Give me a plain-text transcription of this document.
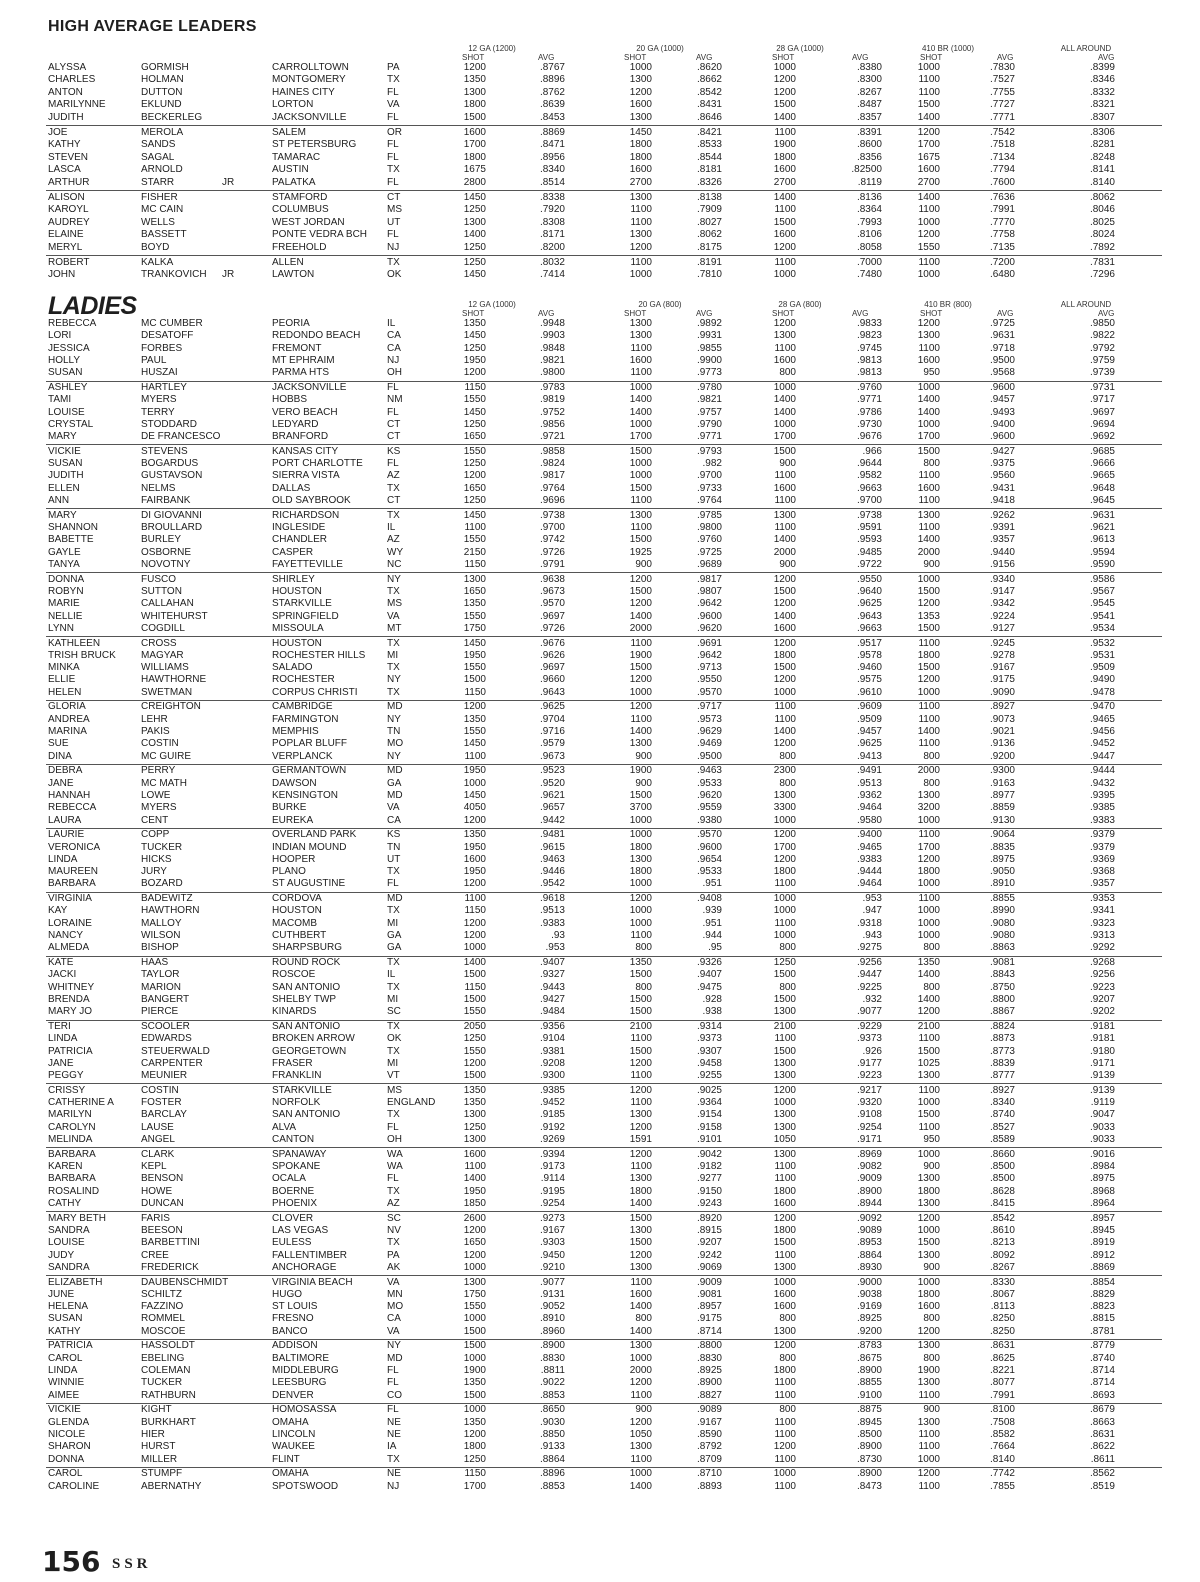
HIGH AVERAGE LEADERS
LADIES
12 GA (1200)	20 GA (1000)	28 GA (1000)	410 BR (1000)	ALL AROUND
SHOT	AVG	SHOT	AVG	SHOT	AVG	SHOT	AVG	AVG
ALYSSA	GORMISH	CARROLLTOWN	PA	1200	.8767	1000	.8620	1000	.8380	1000	.7830	.8399
CHARLES	HOLMAN	MONTGOMERY	TX	1350	.8896	1300	.8662	1200	.8300	1100	.7527	.8346
ANTON	DUTTON	HAINES CITY	FL	1300	.8762	1200	.8542	1200	.8267	1100	.7755	.8332
MARILYNNE	EKLUND	LORTON	VA	1800	.8639	1600	.8431	1500	.8487	1500	.7727	.8321
JUDITH	BECKERLEG	JACKSONVILLE	FL	1500	.8453	1300	.8646	1400	.8357	1400	.7771	.8307
JOE	MEROLA	SALEM	OR	1600	.8869	1450	.8421	1100	.8391	1200	.7542	.8306
KATHY	SANDS	ST PETERSBURG	FL	1700	.8471	1800	.8533	1900	.8600	1700	.7518	.8281
STEVEN	SAGAL	TAMARAC	FL	1800	.8956	1800	.8544	1800	.8356	1675	.7134	.8248
LASCA	ARNOLD	AUSTIN	TX	1675	.8340	1600	.8181	1600	.82500	1600	.7794	.8141
ARTHUR	STARR	JR	PALATKA	FL	2800	.8514	2700	.8326	2700	.8119	2700	.7600	.8140
ALISON	FISHER	STAMFORD	CT	1450	.8338	1300	.8138	1400	.8136	1400	.7636	.8062
KAROYL	MC CAIN	COLUMBUS	MS	1250	.7920	1100	.7909	1100	.8364	1100	.7991	.8046
AUDREY	WELLS	WEST JORDAN	UT	1300	.8308	1100	.8027	1500	.7993	1000	.7770	.8025
ELAINE	BASSETT	PONTE VEDRA BCH FL	1400	.8171	1300	.8062	1600	.8106	1200	.7758	.8024
MERYL	BOYD	FREEHOLD	NJ	1250	.8200	1200	.8175	1200	.8058	1550	.7135	.7892
ROBERT	KALKA	ALLEN	TX	1250	.8032	1100	.8191	1100	.7000	1100	.7200	.7831
JOHN	TRANKOVICH JR	LAWTON	OK	1450	.7414	1000	.7810	1000	.7480	1000	.6480	.7296
12 GA (1000)	20 GA (800)	28 GA (800)	410 BR (800)	ALL AROUND
SHOT	AVG	SHOT	AVG	SHOT	AVG	SHOT	AVG	AVG
REBECCA	MC CUMBER	PEORIA	IL	1350	.9948	1300	.9892	1200	.9833	1200	.9725	.9850
LORI	DESATOFF	REDONDO BEACH	CA	1450	.9903	1300	.9931	1300	.9823	1300	.9631	.9822
JESSICA	FORBES	FREMONT	CA	1250	.9848	1100	.9855	1100	.9745	1100	.9718	.9792
HOLLY	PAUL	MT EPHRAIM	NJ	1950	.9821	1600	.9900	1600	.9813	1600	.9500	.9759
SUSAN	HUSZAI	PARMA HTS	OH	1200	.9800	1100	.9773	800	.9813	950	.9568	.9739
ASHLEY	HARTLEY	JACKSONVILLE	FL	1150	.9783	1000	.9780	1000	.9760	1000	.9600	.9731
TAMI	MYERS	HOBBS	NM	1550	.9819	1400	.9821	1400	.9771	1400	.9457	.9717
LOUISE	TERRY	VERO BEACH	FL	1450	.9752	1400	.9757	1400	.9786	1400	.9493	.9697
CRYSTAL	STODDARD	LEDYARD	CT	1250	.9856	1000	.9790	1000	.9730	1000	.9400	.9694
MARY	DE FRANCESCO	BRANFORD	CT	1650	.9721	1700	.9771	1700	.9676	1700	.9600	.9692
VICKIE	STEVENS	KANSAS CITY	KS	1550	.9858	1500	.9793	1500	.966	1500	.9427	.9685
SUSAN	BOGARDUS	PORT CHARLOTTE FL	1250	.9824	1000	.982	900	.9644	800	.9375	.9666
JUDITH	GUSTAVSON	SIERRA VISTA	AZ	1200	.9817	1000	.9700	1100	.9582	1100	.9560	.9665
ELLEN	NELMS	DALLAS	TX	1650	.9764	1500	.9733	1600	.9663	1600	.9431	.9648
ANN	FAIRBANK	OLD SAYBROOK	CT	1250	.9696	1100	.9764	1100	.9700	1100	.9418	.9645
MARY	DI GIOVANNI	RICHARDSON	TX	1450	.9738	1300	.9785	1300	.9738	1300	.9262	.9631
SHANNON	BROULLARD	INGLESIDE	IL	1100	.9700	1100	.9800	1100	.9591	1100	.9391	.9621
BABETTE	BURLEY	CHANDLER	AZ	1550	.9742	1500	.9760	1400	.9593	1400	.9357	.9613
GAYLE	OSBORNE	CASPER	WY	2150	.9726	1925	.9725	2000	.9485	2000	.9440	.9594
TANYA	NOVOTNY	FAYETTEVILLE	NC	1150	.9791	900	.9689	900	.9722	900	.9156	.9590
DONNA	FUSCO	SHIRLEY	NY	1300	.9638	1200	.9817	1200	.9550	1000	.9340	.9586
ROBYN	SUTTON	HOUSTON	TX	1650	.9673	1500	.9807	1500	.9640	1500	.9147	.9567
MARIE	CALLAHAN	STARKVILLE	MS	1350	.9570	1200	.9642	1200	.9625	1200	.9342	.9545
NELLIE	WHITEHURST	SPRINGFIELD	VA	1550	.9697	1400	.9600	1400	.9643	1353	.9224	.9541
LYNN	COGDILL	MISSOULA	MT	1750	.9726	2000	.9620	1600	.9663	1500	.9127	.9534
KATHLEEN	CROSS	HOUSTON	TX	1450	.9676	1100	.9691	1200	.9517	1100	.9245	.9532
TRISH BRUCK	MAGYAR	ROCHESTER HILLS MI	1950	.9626	1900	.9642	1800	.9578	1800	.9278	.9531
MINKA	WILLIAMS	SALADO	TX	1550	.9697	1500	.9713	1500	.9460	1500	.9167	.9509
ELLIE	HAWTHORNE	ROCHESTER	NY	1500	.9660	1200	.9550	1200	.9575	1200	.9175	.9490
HELEN	SWETMAN	CORPUS CHRISTI	TX	1150	.9643	1000	.9570	1000	.9610	1000	.9090	.9478
GLORIA	CREIGHTON	CAMBRIDGE	MD	1200	.9625	1200	.9717	1100	.9609	1100	.8927	.9470
ANDREA	LEHR	FARMINGTON	NY	1350	.9704	1100	.9573	1100	.9509	1100	.9073	.9465
MARINA	PAKIS	MEMPHIS	TN	1550	.9716	1400	.9629	1400	.9457	1400	.9021	.9456
SUE	COSTIN	POPLAR BLUFF	MO	1450	.9579	1300	.9469	1200	.9625	1100	.9136	.9452
DINA	MC GUIRE	VERPLANCK	NY	1100	.9673	900	.9500	800	.9413	800	.9200	.9447
DEBRA	PERRY	GERMANTOWN	MD	1950	.9523	1900	.9463	2300	.9491	2000	.9300	.9444
JANE	MC MATH	DAWSON	GA	1000	.9520	900	.9533	800	.9513	800	.9163	.9432
HANNAH	LOWE	KENSINGTON	MD	1450	.9621	1500	.9620	1300	.9362	1300	.8977	.9395
REBECCA	MYERS	BURKE	VA	4050	.9657	3700	.9559	3300	.9464	3200	.8859	.9385
LAURA	CENT	EUREKA	CA	1200	.9442	1000	.9380	1000	.9580	1000	.9130	.9383
LAURIE	COPP	OVERLAND PARK	KS	1350	.9481	1000	.9570	1200	.9400	1100	.9064	.9379
VERONICA	TUCKER	INDIAN MOUND	TN	1950	.9615	1800	.9600	1700	.9465	1700	.8835	.9379
LINDA	HICKS	HOOPER	UT	1600	.9463	1300	.9654	1200	.9383	1200	.8975	.9369
MAUREEN	JURY	PLANO	TX	1950	.9446	1800	.9533	1800	.9444	1800	.9050	.9368
BARBARA	BOZARD	ST AUGUSTINE	FL	1200	.9542	1000	.951	1100	.9464	1000	.8910	.9357
VIRGINIA	BADEWITZ	CORDOVA	MD	1100	.9618	1200	.9408	1000	.953	1100	.8855	.9353
KAY	HAWTHORN	HOUSTON	TX	1150	.9513	1000	.939	1000	.947	1000	.8990	.9341
LORAINE	MALLOY	MACOMB	MI	1200	.9383	1000	.951	1100	.9318	1000	.9080	.9323
NANCY	WILSON	CUTHBERT	GA	1200	.93	1100	.944	1000	.943	1000	.9080	.9313
ALMEDA	BISHOP	SHARPSBURG	GA	1000	.953	800	.95	800	.9275	800	.8863	.9292
KATE	HAAS	ROUND ROCK	TX	1400	.9407	1350	.9326	1250	.9256	1350	.9081	.9268
JACKI	TAYLOR	ROSCOE	IL	1500	.9327	1500	.9407	1500	.9447	1400	.8843	.9256
WHITNEY	MARION	SAN ANTONIO	TX	1150	.9443	800	.9475	800	.9225	800	.8750	.9223
BRENDA	BANGERT	SHELBY TWP	MI	1500	.9427	1500	.928	1500	.932	1400	.8800	.9207
MARY JO	PIERCE	KINARDS	SC	1550	.9484	1500	.938	1300	.9077	1200	.8867	.9202
TERI	SCOOLER	SAN ANTONIO	TX	2050	.9356	2100	.9314	2100	.9229	2100	.8824	.9181
LINDA	EDWARDS	BROKEN ARROW	OK	1250	.9104	1100	.9373	1100	.9373	1100	.8873	.9181
PATRICIA	STEUERWALD	GEORGETOWN	TX	1550	.9381	1500	.9307	1500	.926	1500	.8773	.9180
JANE	CARPENTER	FRASER	MI	1200	.9208	1200	.9458	1300	.9177	1025	.8839	.9171
PEGGY	MEUNIER	FRANKLIN	VT	1500	.9300	1100	.9255	1300	.9223	1300	.8777	.9139
CRISSY	COSTIN	STARKVILLE	MS	1350	.9385	1200	.9025	1200	.9217	1100	.8927	.9139
CATHERINE A	FOSTER	NORFOLK	ENGLAND	1350	.9452	1100	.9364	1000	.9320	1000	.8340	.9119
MARILYN	BARCLAY	SAN ANTONIO	TX	1300	.9185	1300	.9154	1300	.9108	1500	.8740	.9047
CAROLYN	LAUSE	ALVA	FL	1250	.9192	1200	.9158	1300	.9254	1100	.8527	.9033
MELINDA	ANGEL	CANTON	OH	1300	.9269	1591	.9101	1050	.9171	950	.8589	.9033
BARBARA	CLARK	SPANAWAY	WA	1600	.9394	1200	.9042	1300	.8969	1000	.8660	.9016
KAREN	KEPL	SPOKANE	WA	1100	.9173	1100	.9182	1100	.9082	900	.8500	.8984
BARBARA	BENSON	OCALA	FL	1400	.9114	1300	.9277	1100	.9009	1300	.8500	.8975
ROSALIND	HOWE	BOERNE	TX	1950	.9195	1800	.9150	1800	.8900	1800	.8628	.8968
CATHY	DUNCAN	PHOENIX	AZ	1850	.9254	1400	.9243	1600	.8944	1300	.8415	.8964
MARY BETH	FARIS	CLOVER	SC	2600	.9273	1500	.8920	1200	.9092	1200	.8542	.8957
SANDRA	BEESON	LAS VEGAS	NV	1200	.9167	1300	.8915	1800	.9089	1000	.8610	.8945
LOUISE	BARBETTINI	EULESS	TX	1650	.9303	1500	.9207	1500	.8953	1500	.8213	.8919
JUDY	CREE	FALLENTIMBER	PA	1200	.9450	1200	.9242	1100	.8864	1300	.8092	.8912
SANDRA	FREDERICK	ANCHORAGE	AK	1000	.9210	1300	.9069	1300	.8930	900	.8267	.8869
ELIZABETH	DAUBENSCHMIDT	VIRGINIA BEACH	VA	1300	.9077	1100	.9009	1000	.9000	1000	.8330	.8854
JUNE	SCHILTZ	HUGO	MN	1750	.9131	1600	.9081	1600	.9038	1800	.8067	.8829
HELENA	FAZZINO	ST LOUIS	MO	1550	.9052	1400	.8957	1600	.9169	1600	.8113	.8823
SUSAN	ROMMEL	FRESNO	CA	1000	.8910	800	.9175	800	.8925	800	.8250	.8815
KATHY	MOSCOE	BANCO	VA	1500	.8960	1400	.8714	1300	.9200	1200	.8250	.8781
PATRICIA	HASSOLDT	ADDISON	NY	1500	.8900	1300	.8800	1200	.8783	1300	.8631	.8779
CAROL	EBELING	BALTIMORE	MD	1000	.8830	1000	.8830	800	.8675	800	.8625	.8740
LINDA	COLEMAN	MIDDLEBURG	FL	1900	.8811	2000	.8925	1800	.8900	1900	.8221	.8714
WINNIE	TUCKER	LEESBURG	FL	1350	.9022	1200	.8900	1100	.8855	1300	.8077	.8714
AIMEE	RATHBURN	DENVER	CO	1500	.8853	1100	.8827	1100	.9100	1100	.7991	.8693
VICKIE	KIGHT	HOMOSASSA	FL	1000	.8650	900	.9089	800	.8875	900	.8100	.8679
GLENDA	BURKHART	OMAHA	NE	1350	.9030	1200	.9167	1100	.8945	1300	.7508	.8663
NICOLE	HIER	LINCOLN	NE	1200	.8850	1050	.8590	1100	.8500	1100	.8582	.8631
SHARON	HURST	WAUKEE	IA	1800	.9133	1300	.8792	1200	.8900	1100	.7664	.8622
DONNA	MILLER	FLINT	TX	1250	.8864	1100	.8709	1100	.8730	1000	.8140	.8611
CAROL	STUMPF	OMAHA	NE	1150	.8896	1000	.8710	1000	.8900	1200	.7742	.8562
CAROLINE	ABERNATHY	SPOTSWOOD	NJ	1700	.8853	1400	.8893	1100	.8473	1100	.7855	.8519
156 SSR
